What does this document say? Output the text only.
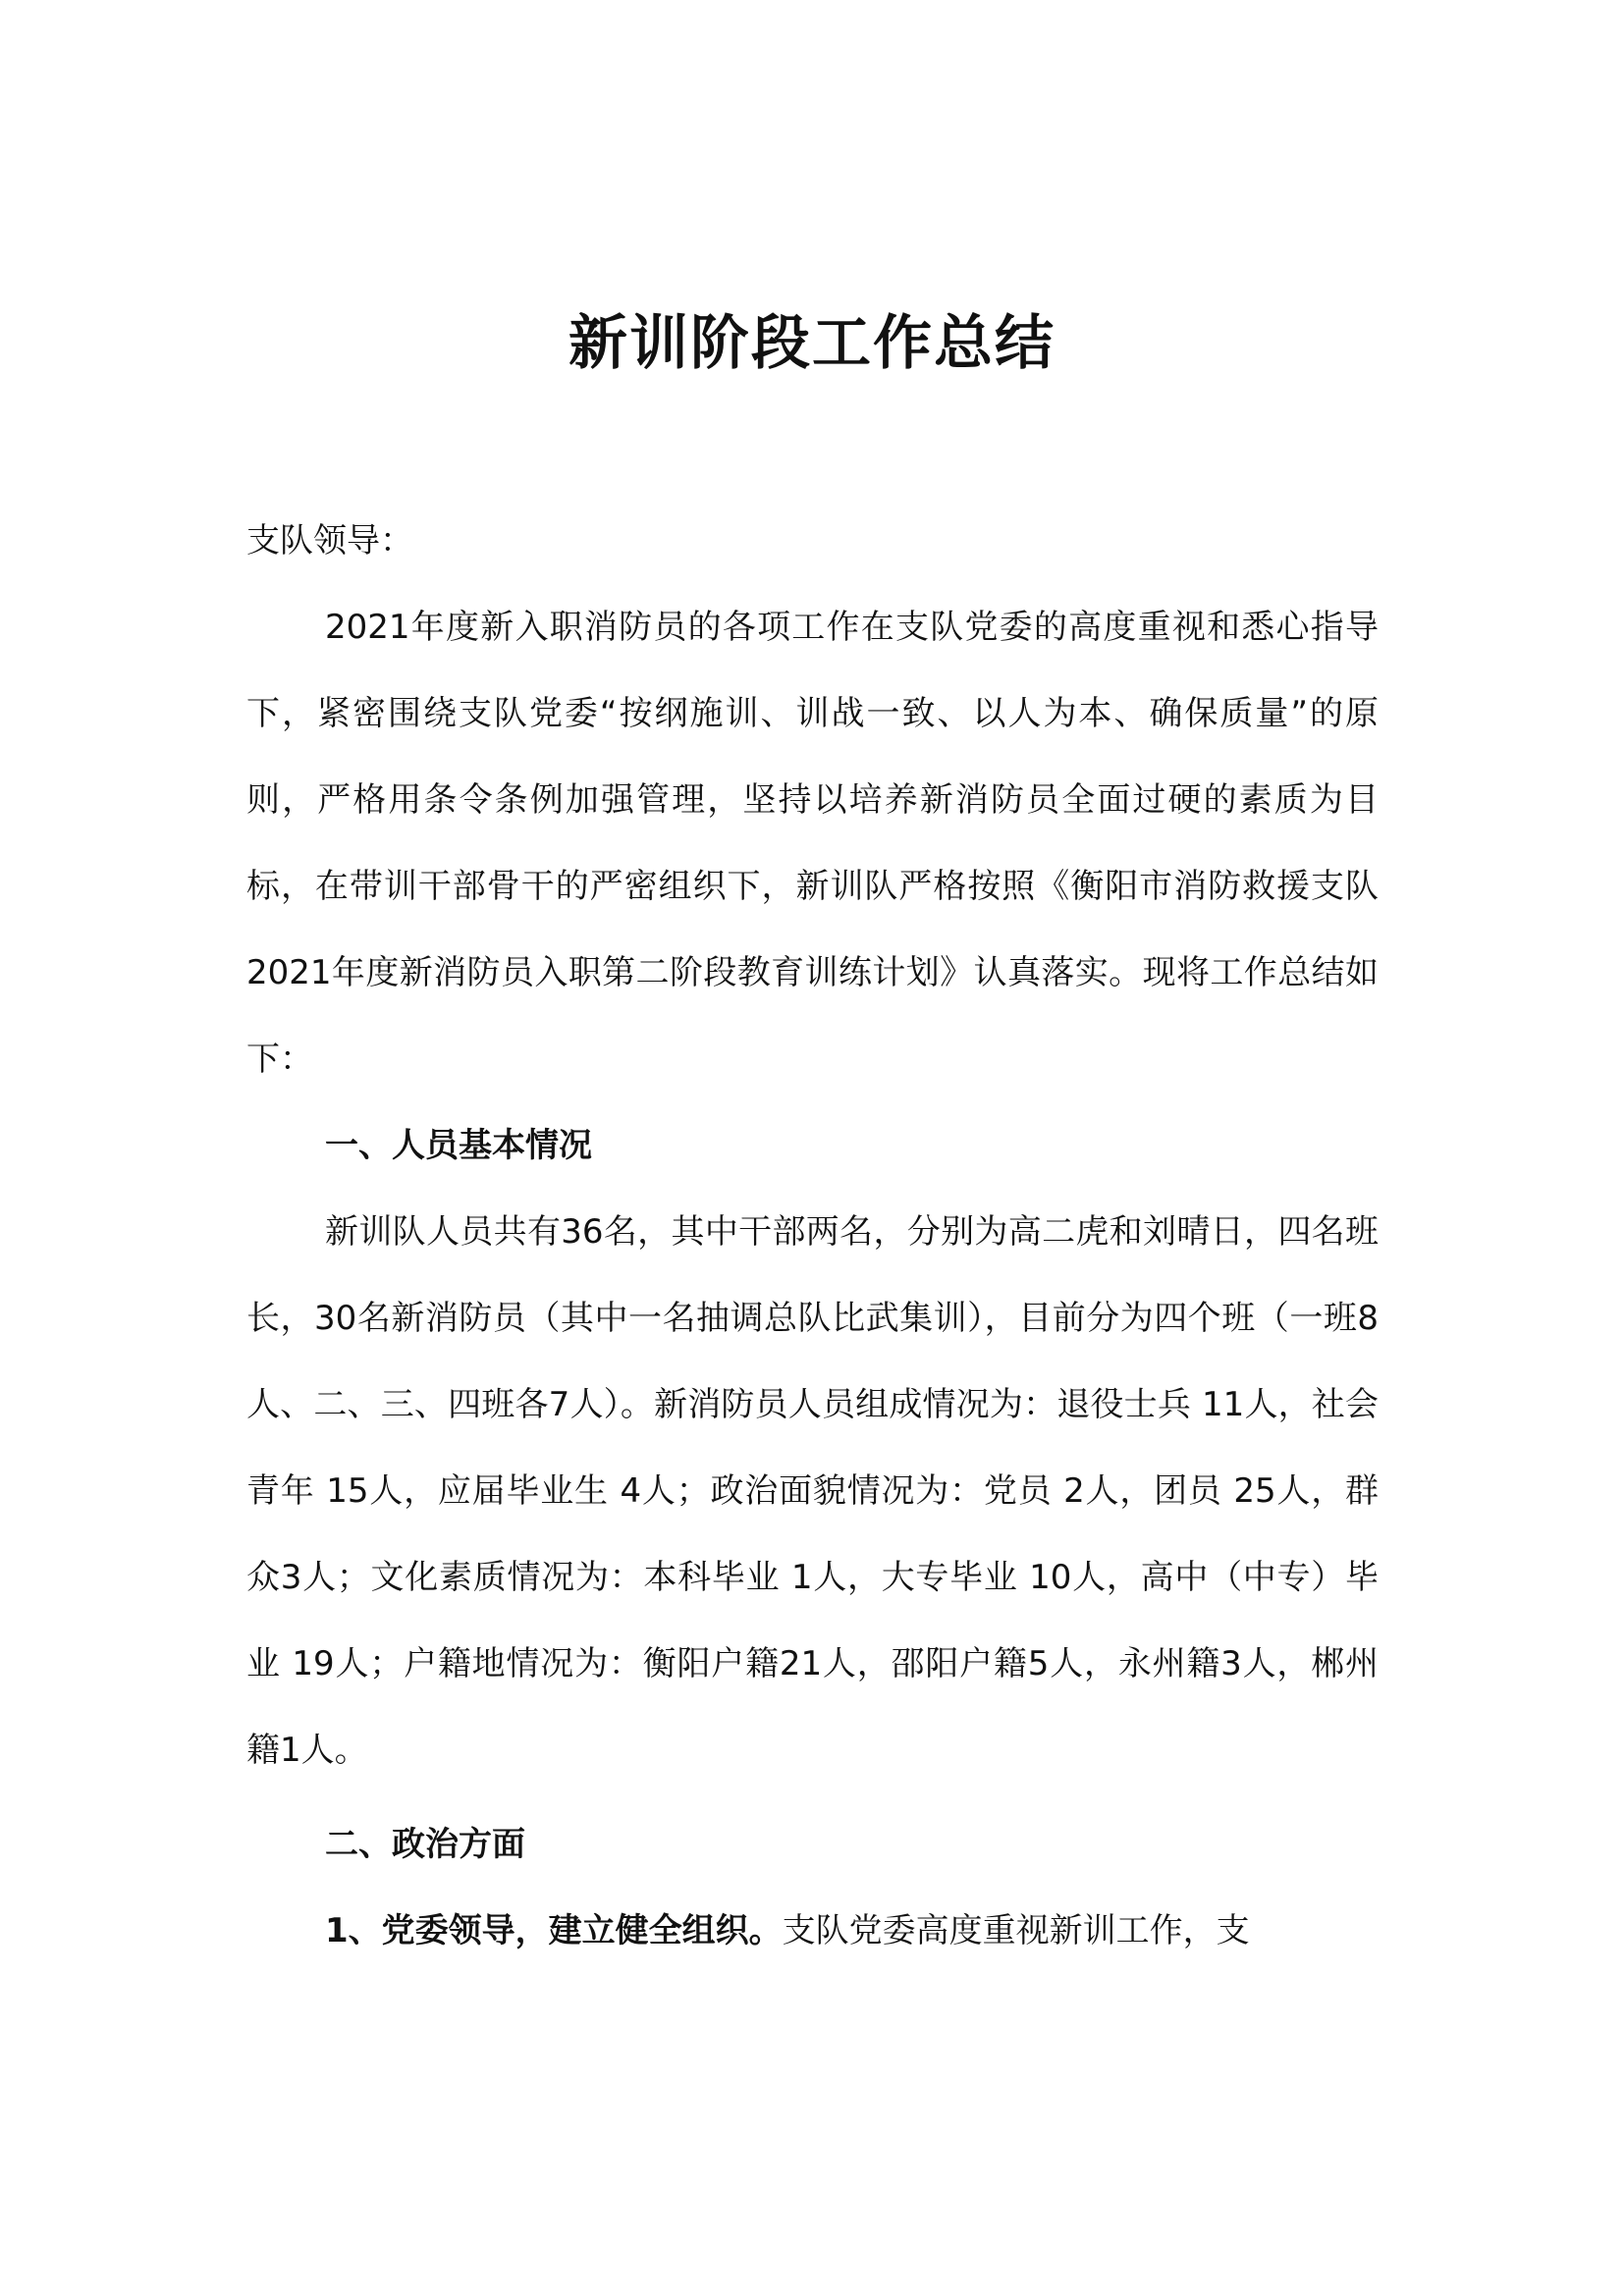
新训阶段工作总结

支队领导：

2021年度新入职消防员的各项工作在支队党委的高度重视和悉心指导下，紧密围绕支队党委“按纲施训、训战一致、以人为本、确保质量”的原则，严格用条令条例加强管理，坚持以培养新消防员全面过硬的素质为目标，在带训干部骨干的严密组织下，新训队严格按照《衡阳市消防救援支队2021年度新消防员入职第二阶段教育训练计划》认真落实。现将工作总结如下：

一、人员基本情况

新训队人员共有36名，其中干部两名，分别为高二虎和刘晴日，四名班长，30名新消防员（其中一名抽调总队比武集训），目前分为四个班（一班8人、二、三、四班各7人）。新消防员人员组成情况为：退役士兵 11人，社会青年 15人，应届毕业生 4人；政治面貌情况为：党员 2人，团员 25人，群众3人；文化素质情况为：本科毕业 1人，大专毕业 10人，高中（中专）毕业 19人；户籍地情况为：衡阳户籍21人，邵阳户籍5人，永州籍3人，郴州籍1人。

二、政治方面

1、党委领导，建立健全组织。支队党委高度重视新训工作，支
